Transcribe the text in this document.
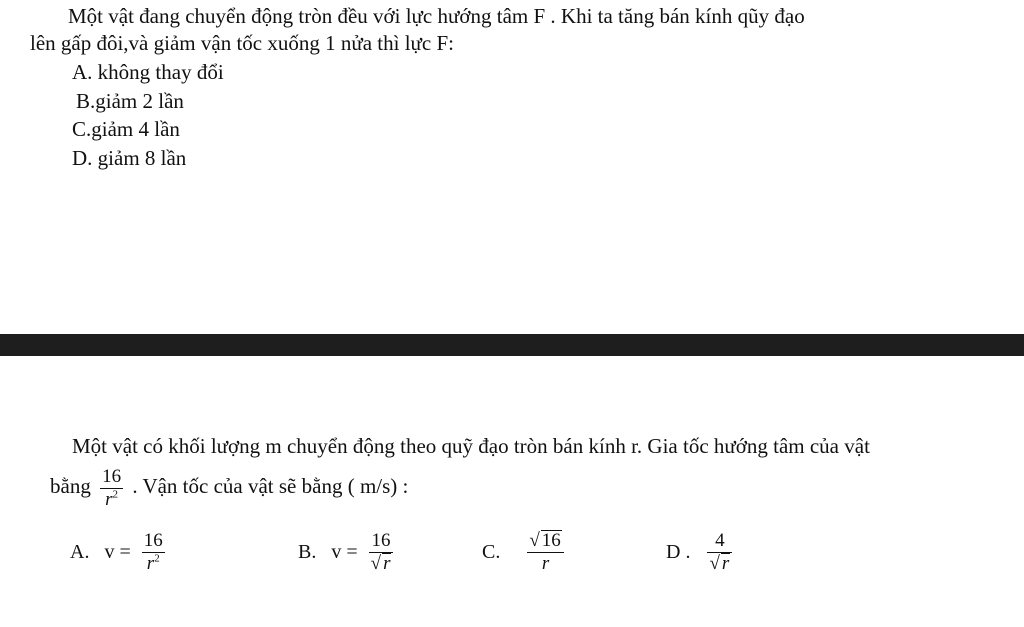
Một vật đang chuyển động tròn đều với lực hướng tâm F . Khi ta tăng bán kính qũy đạo
lên gấp đôi,và giảm vận tốc xuống 1 nửa thì lực F:
A. không thay đổi
B.giảm 2 lần
C.giảm 4 lần
D. giảm 8 lần
Một vật có khối lượng m chuyển động theo quỹ đạo tròn bán kính r. Gia tốc hướng tâm của vật
bằng $\frac{16}{r^2}$ . Vận tốc của vật sẽ bằng ( m/s) :
A. $v = \frac{16}{r^2}$	B. $v = \frac{16}{√ r}$	C. $\frac{√ 16}{r}$	D . $\frac{4}{√ r}$
